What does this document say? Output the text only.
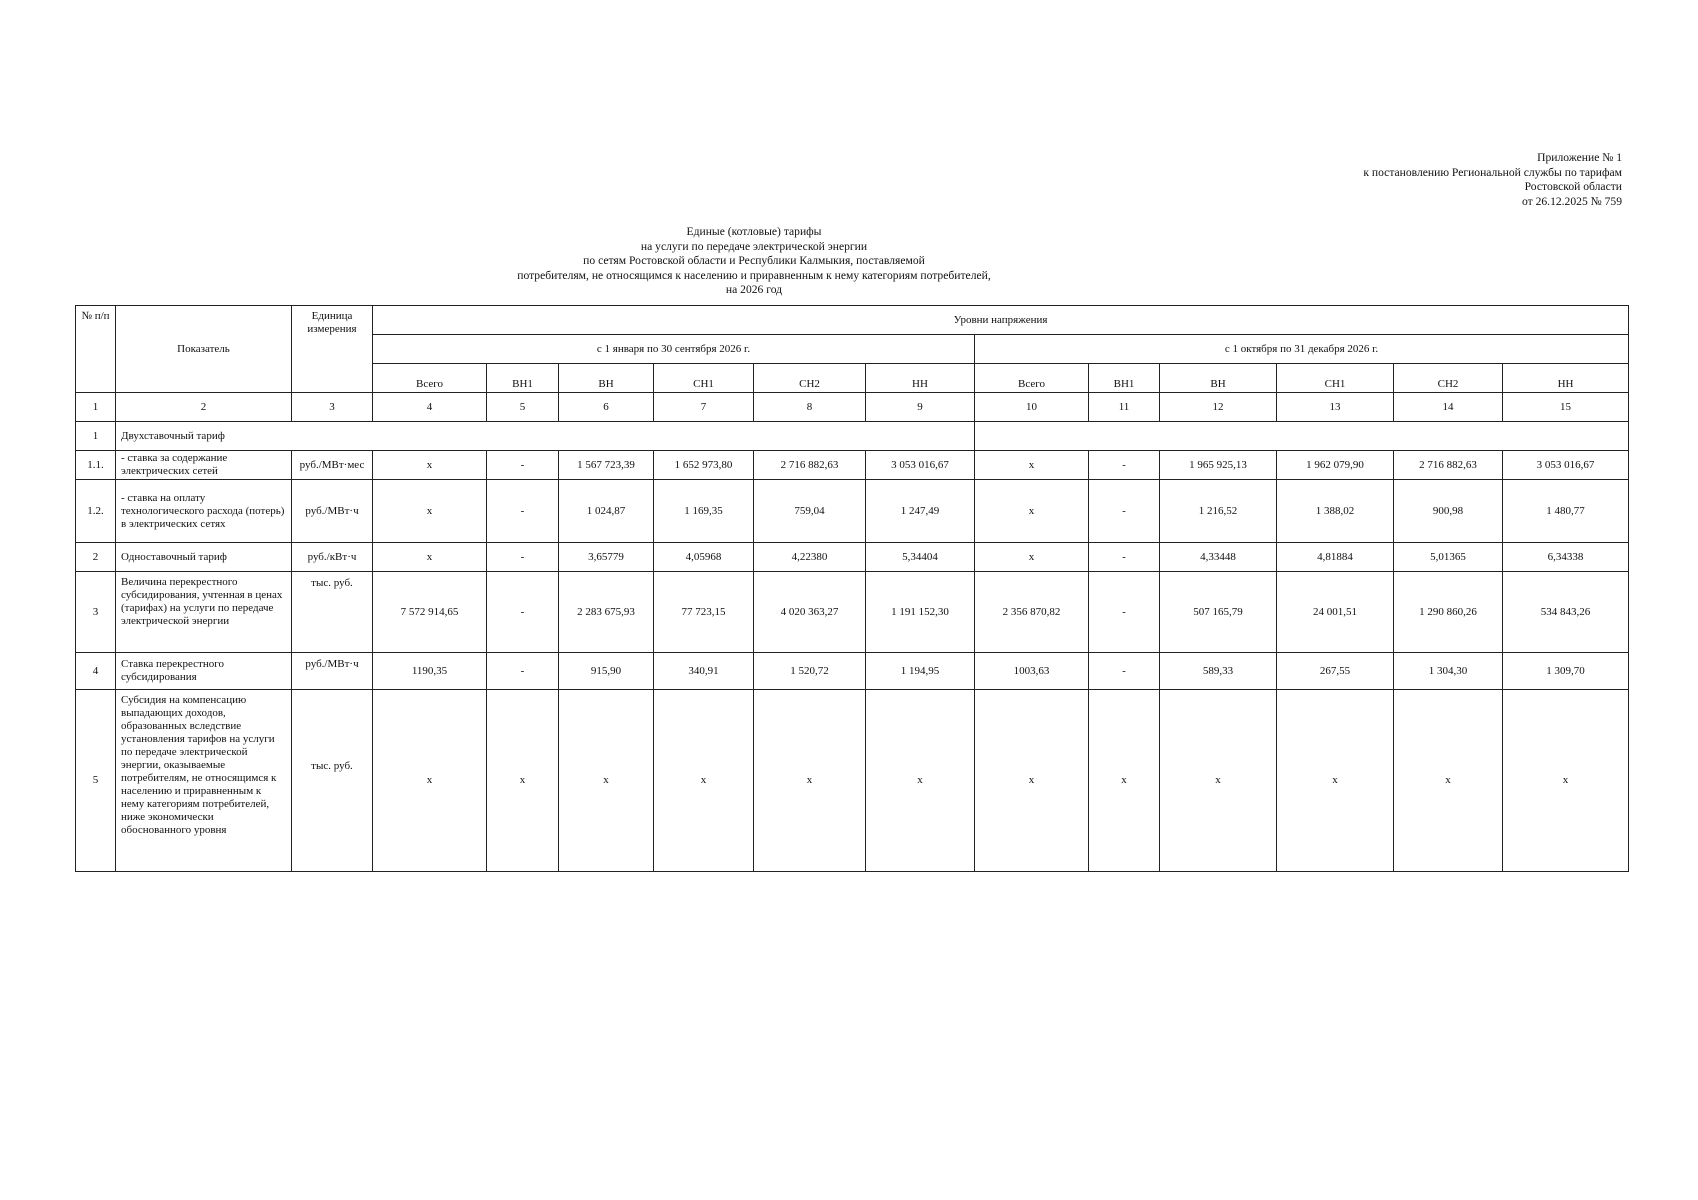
Приложение № 1
к постановлению Региональной службы по тарифам
Ростовской области
от 26.12.2025 № 759
Единые (котловые) тарифы
на услуги по передаче электрической энергии
по сетям Ростовской области и Республики Калмыкия, поставляемой
потребителям, не относящимся к населению и приравненным к нему категориям потребителей,
на 2026 год
№ п/п	Показатель	Единица измерения	Уровни напряжения											
			с 1 января по 30 сентября 2026 г.						с 1 октября по 31 декабря 2026 г.					
			Всего	ВН1	ВН	СН1	СН2	НН	Всего	ВН1	ВН	СН1	СН2	НН
1	2	3	4	5	6	7	8	9	10	11	12	13	14	15
1	Двухставочный тариф													
1.1.	- ставка за содержание электрических сетей	руб./МВт·мес	х	-	1 567 723,39	1 652 973,80	2 716 882,63	3 053 016,67	х	-	1 965 925,13	1 962 079,90	2 716 882,63	3 053 016,67
1.2.	- ставка на оплату технологического расхода (потерь) в электрических сетях	руб./МВт·ч	х	-	1 024,87	1 169,35	759,04	1 247,49	х	-	1 216,52	1 388,02	900,98	1 480,77
2	Одноставочный тариф	руб./кВт·ч	х	-	3,65779	4,05968	4,22380	5,34404	х	-	4,33448	4,81884	5,01365	6,34338
3	Величина перекрестного субсидирования, учтенная в ценах (тарифах) на услуги по передаче электрической энергии	тыс. руб.	7 572 914,65	-	2 283 675,93	77 723,15	4 020 363,27	1 191 152,30	2 356 870,82	-	507 165,79	24 001,51	1 290 860,26	534 843,26
4	Ставка перекрестного субсидирования	руб./МВт·ч	1190,35	-	915,90	340,91	1 520,72	1 194,95	1003,63	-	589,33	267,55	1 304,30	1 309,70
5	Субсидия на компенсацию выпадающих доходов, образованных вследствие установления тарифов на услуги по передаче электрической энергии, оказываемые потребителям, не относящимся к населению и приравненным к нему категориям потребителей, ниже экономически обоснованного уровня	тыс. руб.	х	х	х	х	х	х	х	х	х	х	х	х
